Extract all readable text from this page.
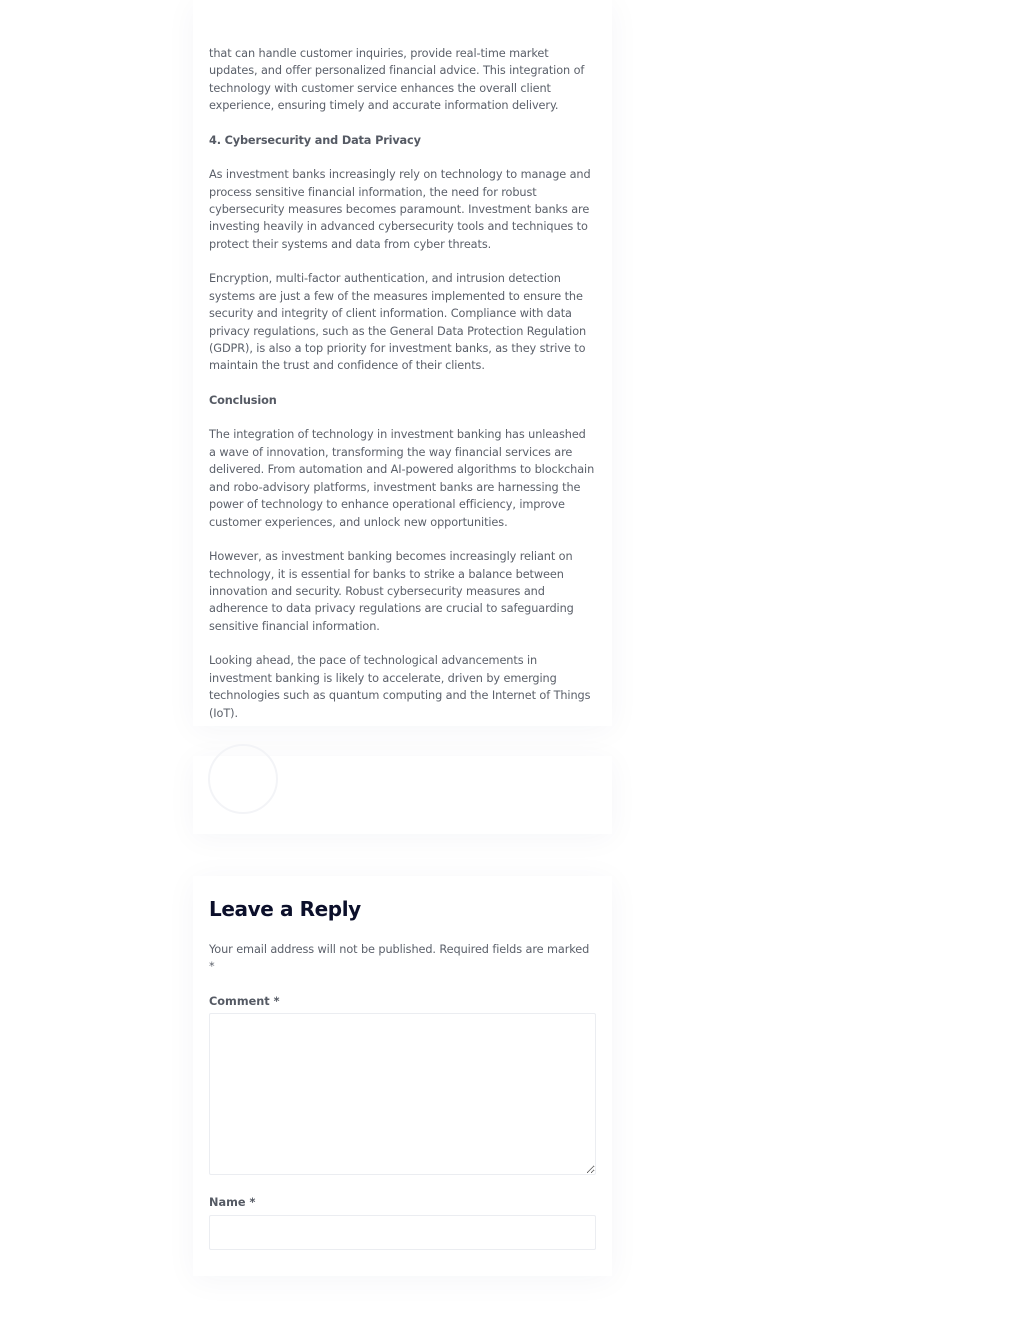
that can handle customer inquiries, provide real-time market updates, and offer personalized financial advice. This integration of technology with customer service enhances the overall client experience, ensuring timely and accurate information delivery.

4. Cybersecurity and Data Privacy

As investment banks increasingly rely on technology to manage and process sensitive financial information, the need for robust cybersecurity measures becomes paramount. Investment banks are investing heavily in advanced cybersecurity tools and techniques to protect their systems and data from cyber threats.

Encryption, multi-factor authentication, and intrusion detection systems are just a few of the measures implemented to ensure the security and integrity of client information. Compliance with data privacy regulations, such as the General Data Protection Regulation (GDPR), is also a top priority for investment banks, as they strive to maintain the trust and confidence of their clients.

Conclusion

The integration of technology in investment banking has unleashed a wave of innovation, transforming the way financial services are delivered. From automation and AI-powered algorithms to blockchain and robo-advisory platforms, investment banks are harnessing the power of technology to enhance operational efficiency, improve customer experiences, and unlock new opportunities.

However, as investment banking becomes increasingly reliant on technology, it is essential for banks to strike a balance between innovation and security. Robust cybersecurity measures and adherence to data privacy regulations are crucial to safeguarding sensitive financial information.

Looking ahead, the pace of technological advancements in investment banking is likely to accelerate, driven by emerging technologies such as quantum computing and the Internet of Things (IoT).

Leave a Reply

Your email address will not be published. Required fields are marked *

Comment *
Name *
